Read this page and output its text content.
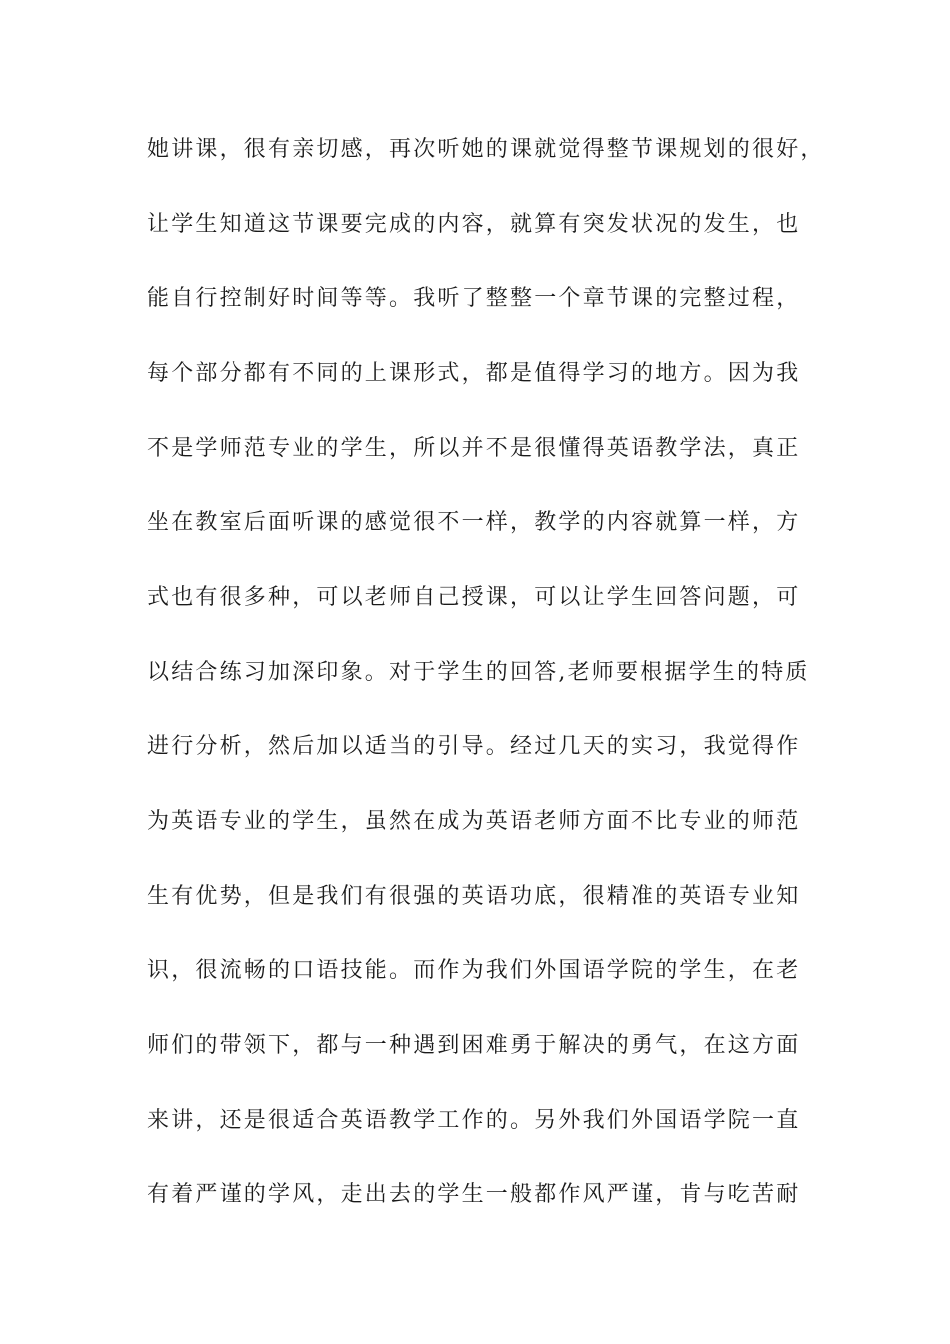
她讲课，很有亲切感，再次听她的课就觉得整节课规划的很好，
让学生知道这节课要完成的内容，就算有突发状况的发生，也
能自行控制好时间等等。我听了整整一个章节课的完整过程，
每个部分都有不同的上课形式，都是值得学习的地方。因为我
不是学师范专业的学生，所以并不是很懂得英语教学法，真正
坐在教室后面听课的感觉很不一样，教学的内容就算一样，方
式也有很多种，可以老师自己授课，可以让学生回答问题，可
以结合练习加深印象。对于学生的回答,老师要根据学生的特质
进行分析，然后加以适当的引导。经过几天的实习，我觉得作
为英语专业的学生，虽然在成为英语老师方面不比专业的师范
生有优势，但是我们有很强的英语功底，很精准的英语专业知
识，很流畅的口语技能。而作为我们外国语学院的学生，在老
师们的带领下，都与一种遇到困难勇于解决的勇气，在这方面
来讲，还是很适合英语教学工作的。另外我们外国语学院一直
有着严谨的学风，走出去的学生一般都作风严谨，肯与吃苦耐
